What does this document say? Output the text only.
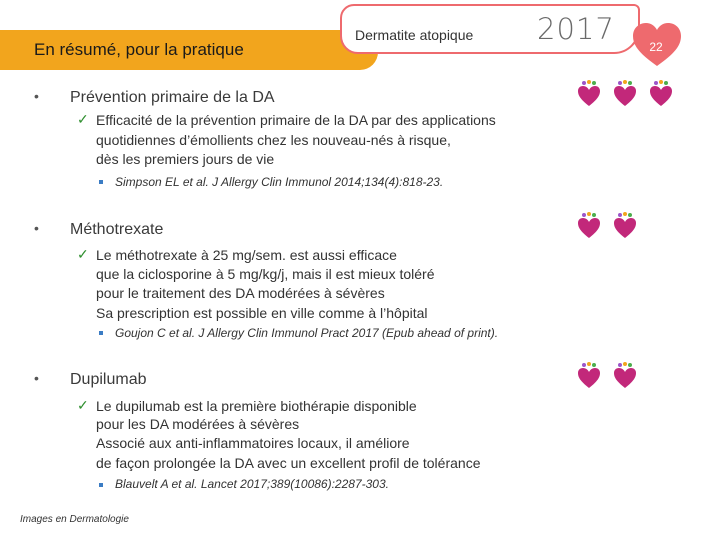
En résumé, pour la pratique
Dermatite atopique 2017
22
• Prévention primaire de la DA
✓ Efficacité de la prévention primaire de la DA par des applications
quotidiennes d’émollients chez les nouveau-nés à risque,
dès les premiers jours de vie
Simpson EL et al. J Allergy Clin Immunol 2014;134(4):818-23.
• Méthotrexate
✓ Le méthotrexate à 25 mg/sem. est aussi efficace
que la ciclosporine à 5 mg/kg/j, mais il est mieux toléré
pour le traitement des DA modérées à sévères
Sa prescription est possible en ville comme à l’hôpital
Goujon C et al. J Allergy Clin Immunol Pract 2017 (Epub ahead of print).
• Dupilumab
✓ Le dupilumab est la première biothérapie disponible
pour les DA modérées à sévères
Associé aux anti-inflammatoires locaux, il améliore
de façon prolongée la DA avec un excellent profil de tolérance
Blauvelt A et al. Lancet 2017;389(10086):2287-303.
Images en Dermatologie
